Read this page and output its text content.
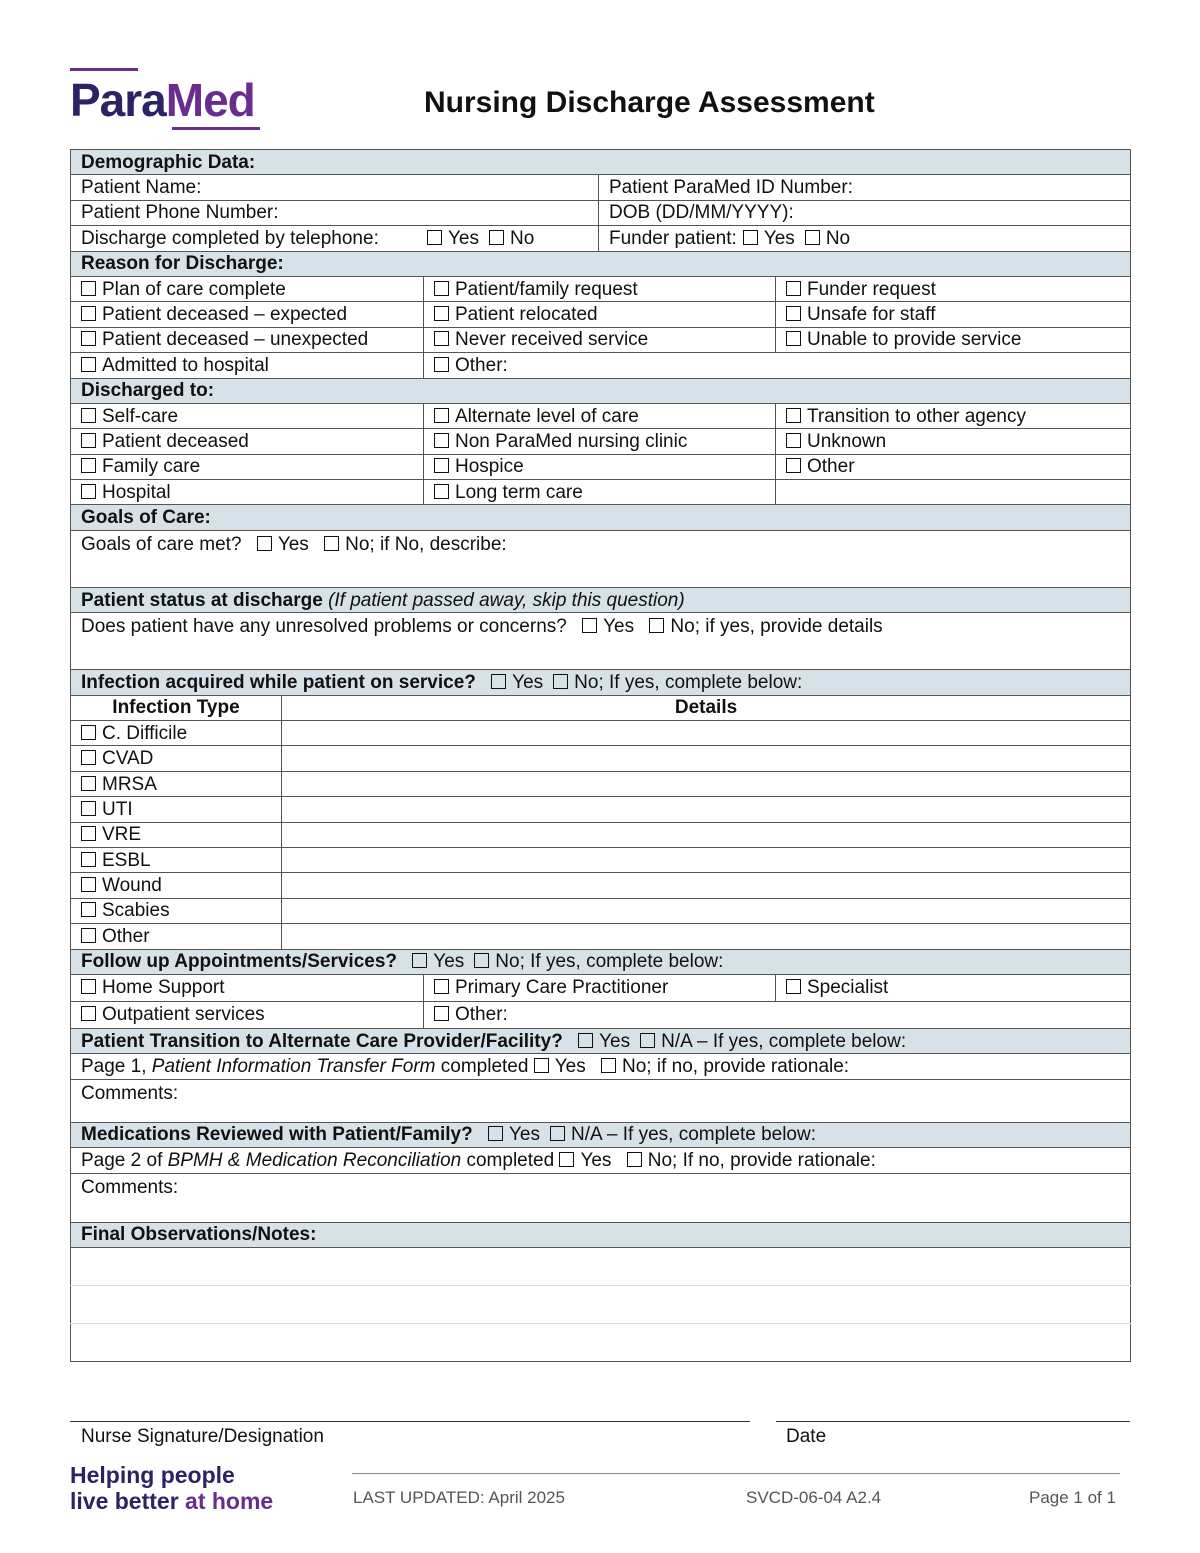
ParaMed	Nursing Discharge Assessment
Demographic Data:				
Patient Name:			Patient ParaMed ID Number:	
Patient Phone Number:			DOB (DD/MM/YYYY):	
Discharge completed by telephone: Yes No			Funder patient: Yes No	
Reason for Discharge:				
Plan of care complete		Patient/family request		Funder request
Patient deceased – expected		Patient relocated		Unsafe for staff
Patient deceased – unexpected		Never received service		Unable to provide service
Admitted to hospital		Other:		
Discharged to:				
Self-care		Alternate level of care		Transition to other agency
Patient deceased		Non ParaMed nursing clinic		Unknown
Family care		Hospice		Other
Hospital		Long term care		
Goals of Care:				
Goals of care met? Yes No; if No, describe:				
Patient status at discharge (If patient passed away, skip this question)				
Does patient have any unresolved problems or concerns? Yes No; if yes, provide details				
Infection acquired while patient on service? Yes No; If yes, complete below:				
Infection Type	Details			
C. Difficile				
CVAD				
MRSA				
UTI				
VRE				
ESBL				
Wound				
Scabies				
Other				
Follow up Appointments/Services? Yes No; If yes, complete below:				
Home Support		Primary Care Practitioner		Specialist
Outpatient services		Other:		
Patient Transition to Alternate Care Provider/Facility? Yes N/A – If yes, complete below:				
Page 1, Patient Information Transfer Form completed Yes No; if no, provide rationale:				
Comments:				
Medications Reviewed with Patient/Family? Yes N/A – If yes, complete below:				
Page 2 of BPMH & Medication Reconciliation completed Yes No; If no, provide rationale:				
Comments:				
Final Observations/Notes:				

Nurse Signature/Designation	Date
Helping people
live better at home	LAST UPDATED: April 2025	SVCD-06-04 A2.4	Page 1 of 1
